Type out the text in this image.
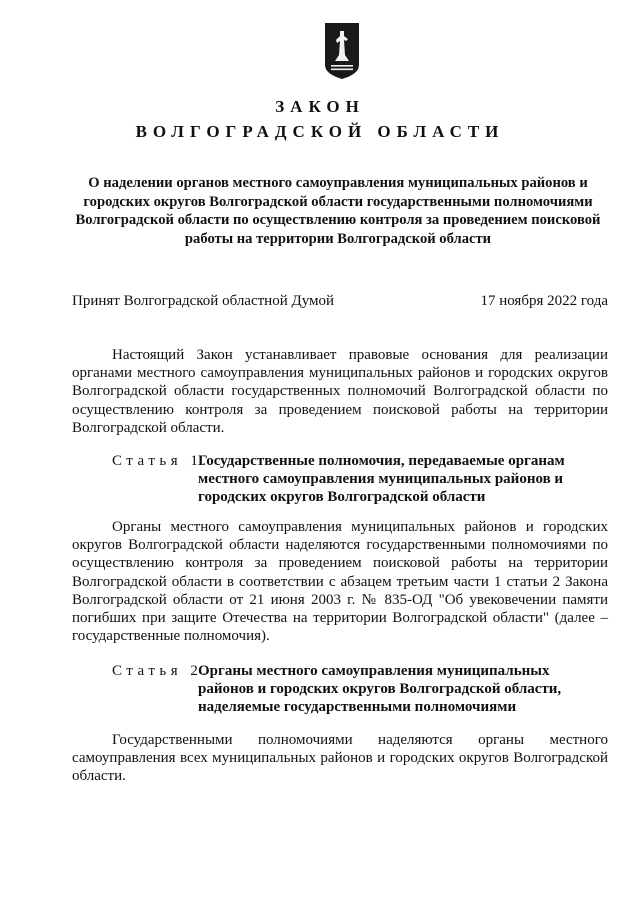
ЗАКОН
ВОЛГОГРАДСКОЙ ОБЛАСТИ

О наделении органов местного самоуправления муниципальных районов и городских округов Волгоградской области государственными полномочиями Волгоградской области по осуществлению контроля за проведением поисковой работы на территории Волгоградской области

Принят Волгоградской областной Думой	17 ноября 2022 года

Настоящий Закон устанавливает правовые основания для реализации органами местного самоуправления муниципальных районов и городских округов Волгоградской области государственных полномочий Волгоградской области по осуществлению контроля за проведением поисковой работы на территории Волгоградской области.

Статья 1.
Государственные полномочия, передаваемые органам местного самоуправления муниципальных районов и городских округов Волгоградской области

Органы местного самоуправления муниципальных районов и городских округов Волгоградской области наделяются государственными полномочиями по осуществлению контроля за проведением поисковой работы на территории Волгоградской области в соответствии с абзацем третьим части 1 статьи 2 Закона Волгоградской области от 21 июня 2003 г. № 835-ОД "Об увековечении памяти погибших при защите Отечества на территории Волгоградской области" (далее – государственные полномочия).

Статья 2.
Органы местного самоуправления муниципальных районов и городских округов Волгоградской области, наделяемые государственными полномочиями

Государственными полномочиями наделяются органы местного самоуправления всех муниципальных районов и городских округов Волгоградской области.
